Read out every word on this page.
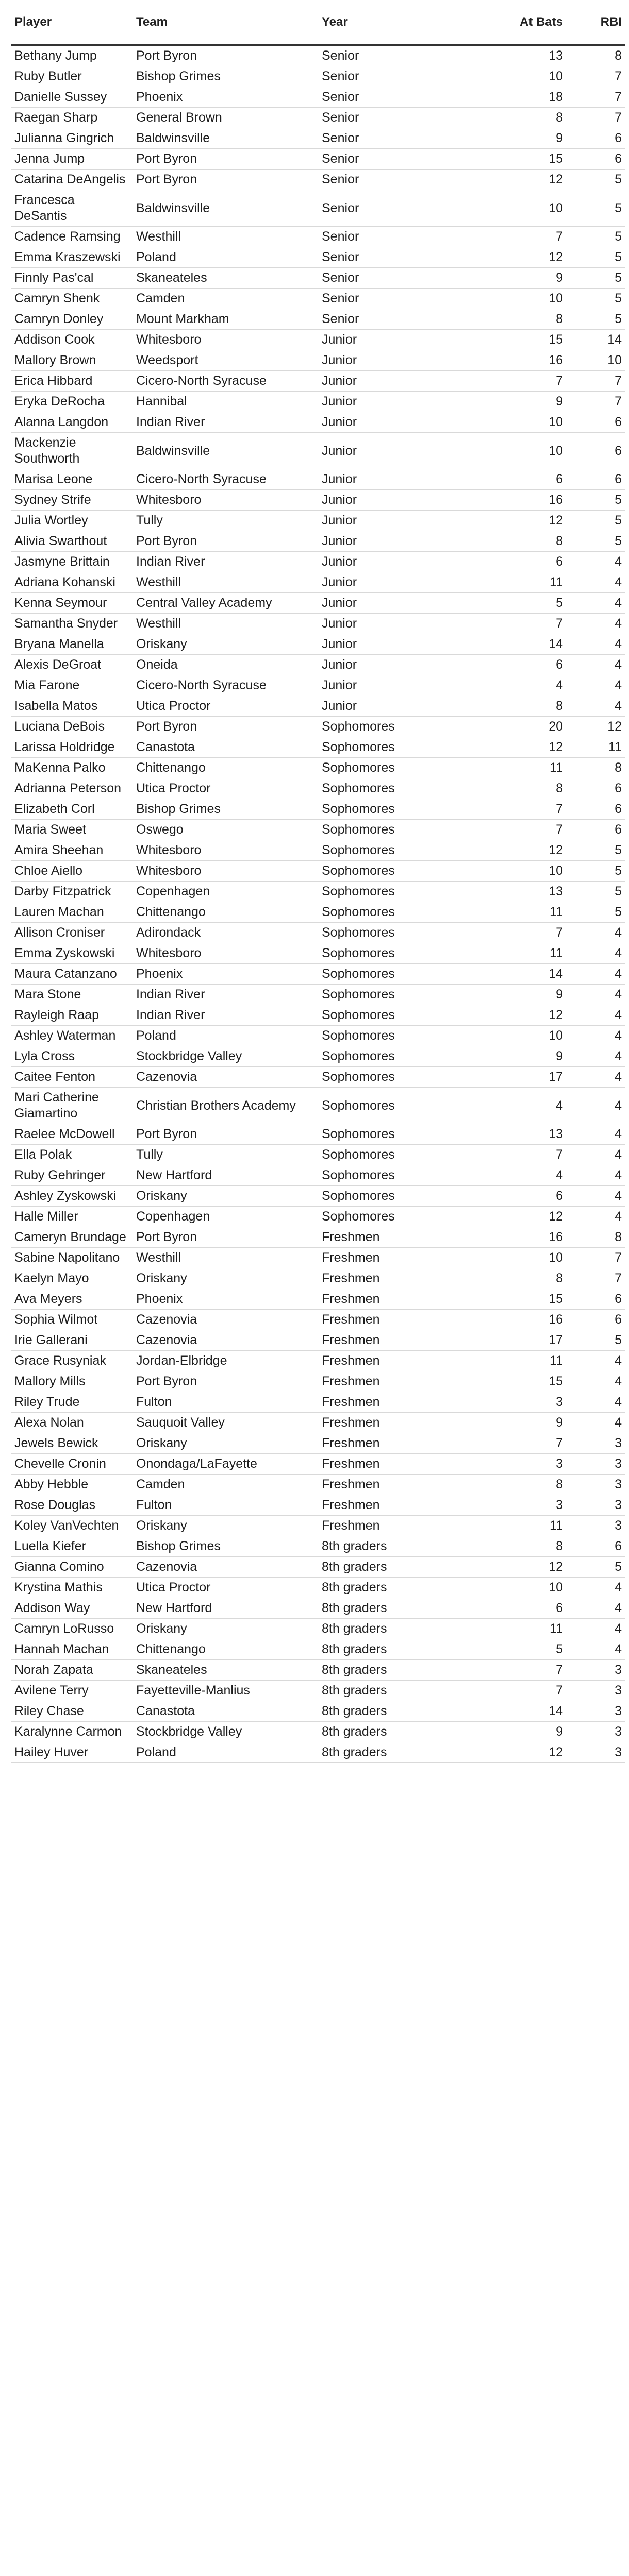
Player	Team	Year	At Bats	RBI
Bethany Jump	Port Byron	Senior	13	8
Ruby Butler	Bishop Grimes	Senior	10	7
Danielle Sussey	Phoenix	Senior	18	7
Raegan Sharp	General Brown	Senior	8	7
Julianna Gingrich	Baldwinsville	Senior	9	6
Jenna Jump	Port Byron	Senior	15	6
Catarina DeAngelis	Port Byron	Senior	12	5
Francesca DeSantis	Baldwinsville	Senior	10	5
Cadence Ramsing	Westhill	Senior	7	5
Emma Kraszewski	Poland	Senior	12	5
Finnly Pas'cal	Skaneateles	Senior	9	5
Camryn Shenk	Camden	Senior	10	5
Camryn Donley	Mount Markham	Senior	8	5
Addison Cook	Whitesboro	Junior	15	14
Mallory Brown	Weedsport	Junior	16	10
Erica Hibbard	Cicero-North Syracuse	Junior	7	7
Eryka DeRocha	Hannibal	Junior	9	7
Alanna Langdon	Indian River	Junior	10	6
Mackenzie Southworth	Baldwinsville	Junior	10	6
Marisa Leone	Cicero-North Syracuse	Junior	6	6
Sydney Strife	Whitesboro	Junior	16	5
Julia Wortley	Tully	Junior	12	5
Alivia Swarthout	Port Byron	Junior	8	5
Jasmyne Brittain	Indian River	Junior	6	4
Adriana Kohanski	Westhill	Junior	11	4
Kenna Seymour	Central Valley Academy	Junior	5	4
Samantha Snyder	Westhill	Junior	7	4
Bryana Manella	Oriskany	Junior	14	4
Alexis DeGroat	Oneida	Junior	6	4
Mia Farone	Cicero-North Syracuse	Junior	4	4
Isabella Matos	Utica Proctor	Junior	8	4
Luciana DeBois	Port Byron	Sophomores	20	12
Larissa Holdridge	Canastota	Sophomores	12	11
MaKenna Palko	Chittenango	Sophomores	11	8
Adrianna Peterson	Utica Proctor	Sophomores	8	6
Elizabeth Corl	Bishop Grimes	Sophomores	7	6
Maria Sweet	Oswego	Sophomores	7	6
Amira Sheehan	Whitesboro	Sophomores	12	5
Chloe Aiello	Whitesboro	Sophomores	10	5
Darby Fitzpatrick	Copenhagen	Sophomores	13	5
Lauren Machan	Chittenango	Sophomores	11	5
Allison Croniser	Adirondack	Sophomores	7	4
Emma Zyskowski	Whitesboro	Sophomores	11	4
Maura Catanzano	Phoenix	Sophomores	14	4
Mara Stone	Indian River	Sophomores	9	4
Rayleigh Raap	Indian River	Sophomores	12	4
Ashley Waterman	Poland	Sophomores	10	4
Lyla Cross	Stockbridge Valley	Sophomores	9	4
Caitee Fenton	Cazenovia	Sophomores	17	4
Mari Catherine Giamartino	Christian Brothers Academy	Sophomores	4	4
Raelee McDowell	Port Byron	Sophomores	13	4
Ella Polak	Tully	Sophomores	7	4
Ruby Gehringer	New Hartford	Sophomores	4	4
Ashley Zyskowski	Oriskany	Sophomores	6	4
Halle Miller	Copenhagen	Sophomores	12	4
Cameryn Brundage	Port Byron	Freshmen	16	8
Sabine Napolitano	Westhill	Freshmen	10	7
Kaelyn Mayo	Oriskany	Freshmen	8	7
Ava Meyers	Phoenix	Freshmen	15	6
Sophia Wilmot	Cazenovia	Freshmen	16	6
Irie Gallerani	Cazenovia	Freshmen	17	5
Grace Rusyniak	Jordan-Elbridge	Freshmen	11	4
Mallory Mills	Port Byron	Freshmen	15	4
Riley Trude	Fulton	Freshmen	3	4
Alexa Nolan	Sauquoit Valley	Freshmen	9	4
Jewels Bewick	Oriskany	Freshmen	7	3
Chevelle Cronin	Onondaga/LaFayette	Freshmen	3	3
Abby Hebble	Camden	Freshmen	8	3
Rose Douglas	Fulton	Freshmen	3	3
Koley VanVechten	Oriskany	Freshmen	11	3
Luella Kiefer	Bishop Grimes	8th graders	8	6
Gianna Comino	Cazenovia	8th graders	12	5
Krystina Mathis	Utica Proctor	8th graders	10	4
Addison Way	New Hartford	8th graders	6	4
Camryn LoRusso	Oriskany	8th graders	11	4
Hannah Machan	Chittenango	8th graders	5	4
Norah Zapata	Skaneateles	8th graders	7	3
Avilene Terry	Fayetteville-Manlius	8th graders	7	3
Riley Chase	Canastota	8th graders	14	3
Karalynne Carmon	Stockbridge Valley	8th graders	9	3
Hailey Huver	Poland	8th graders	12	3
